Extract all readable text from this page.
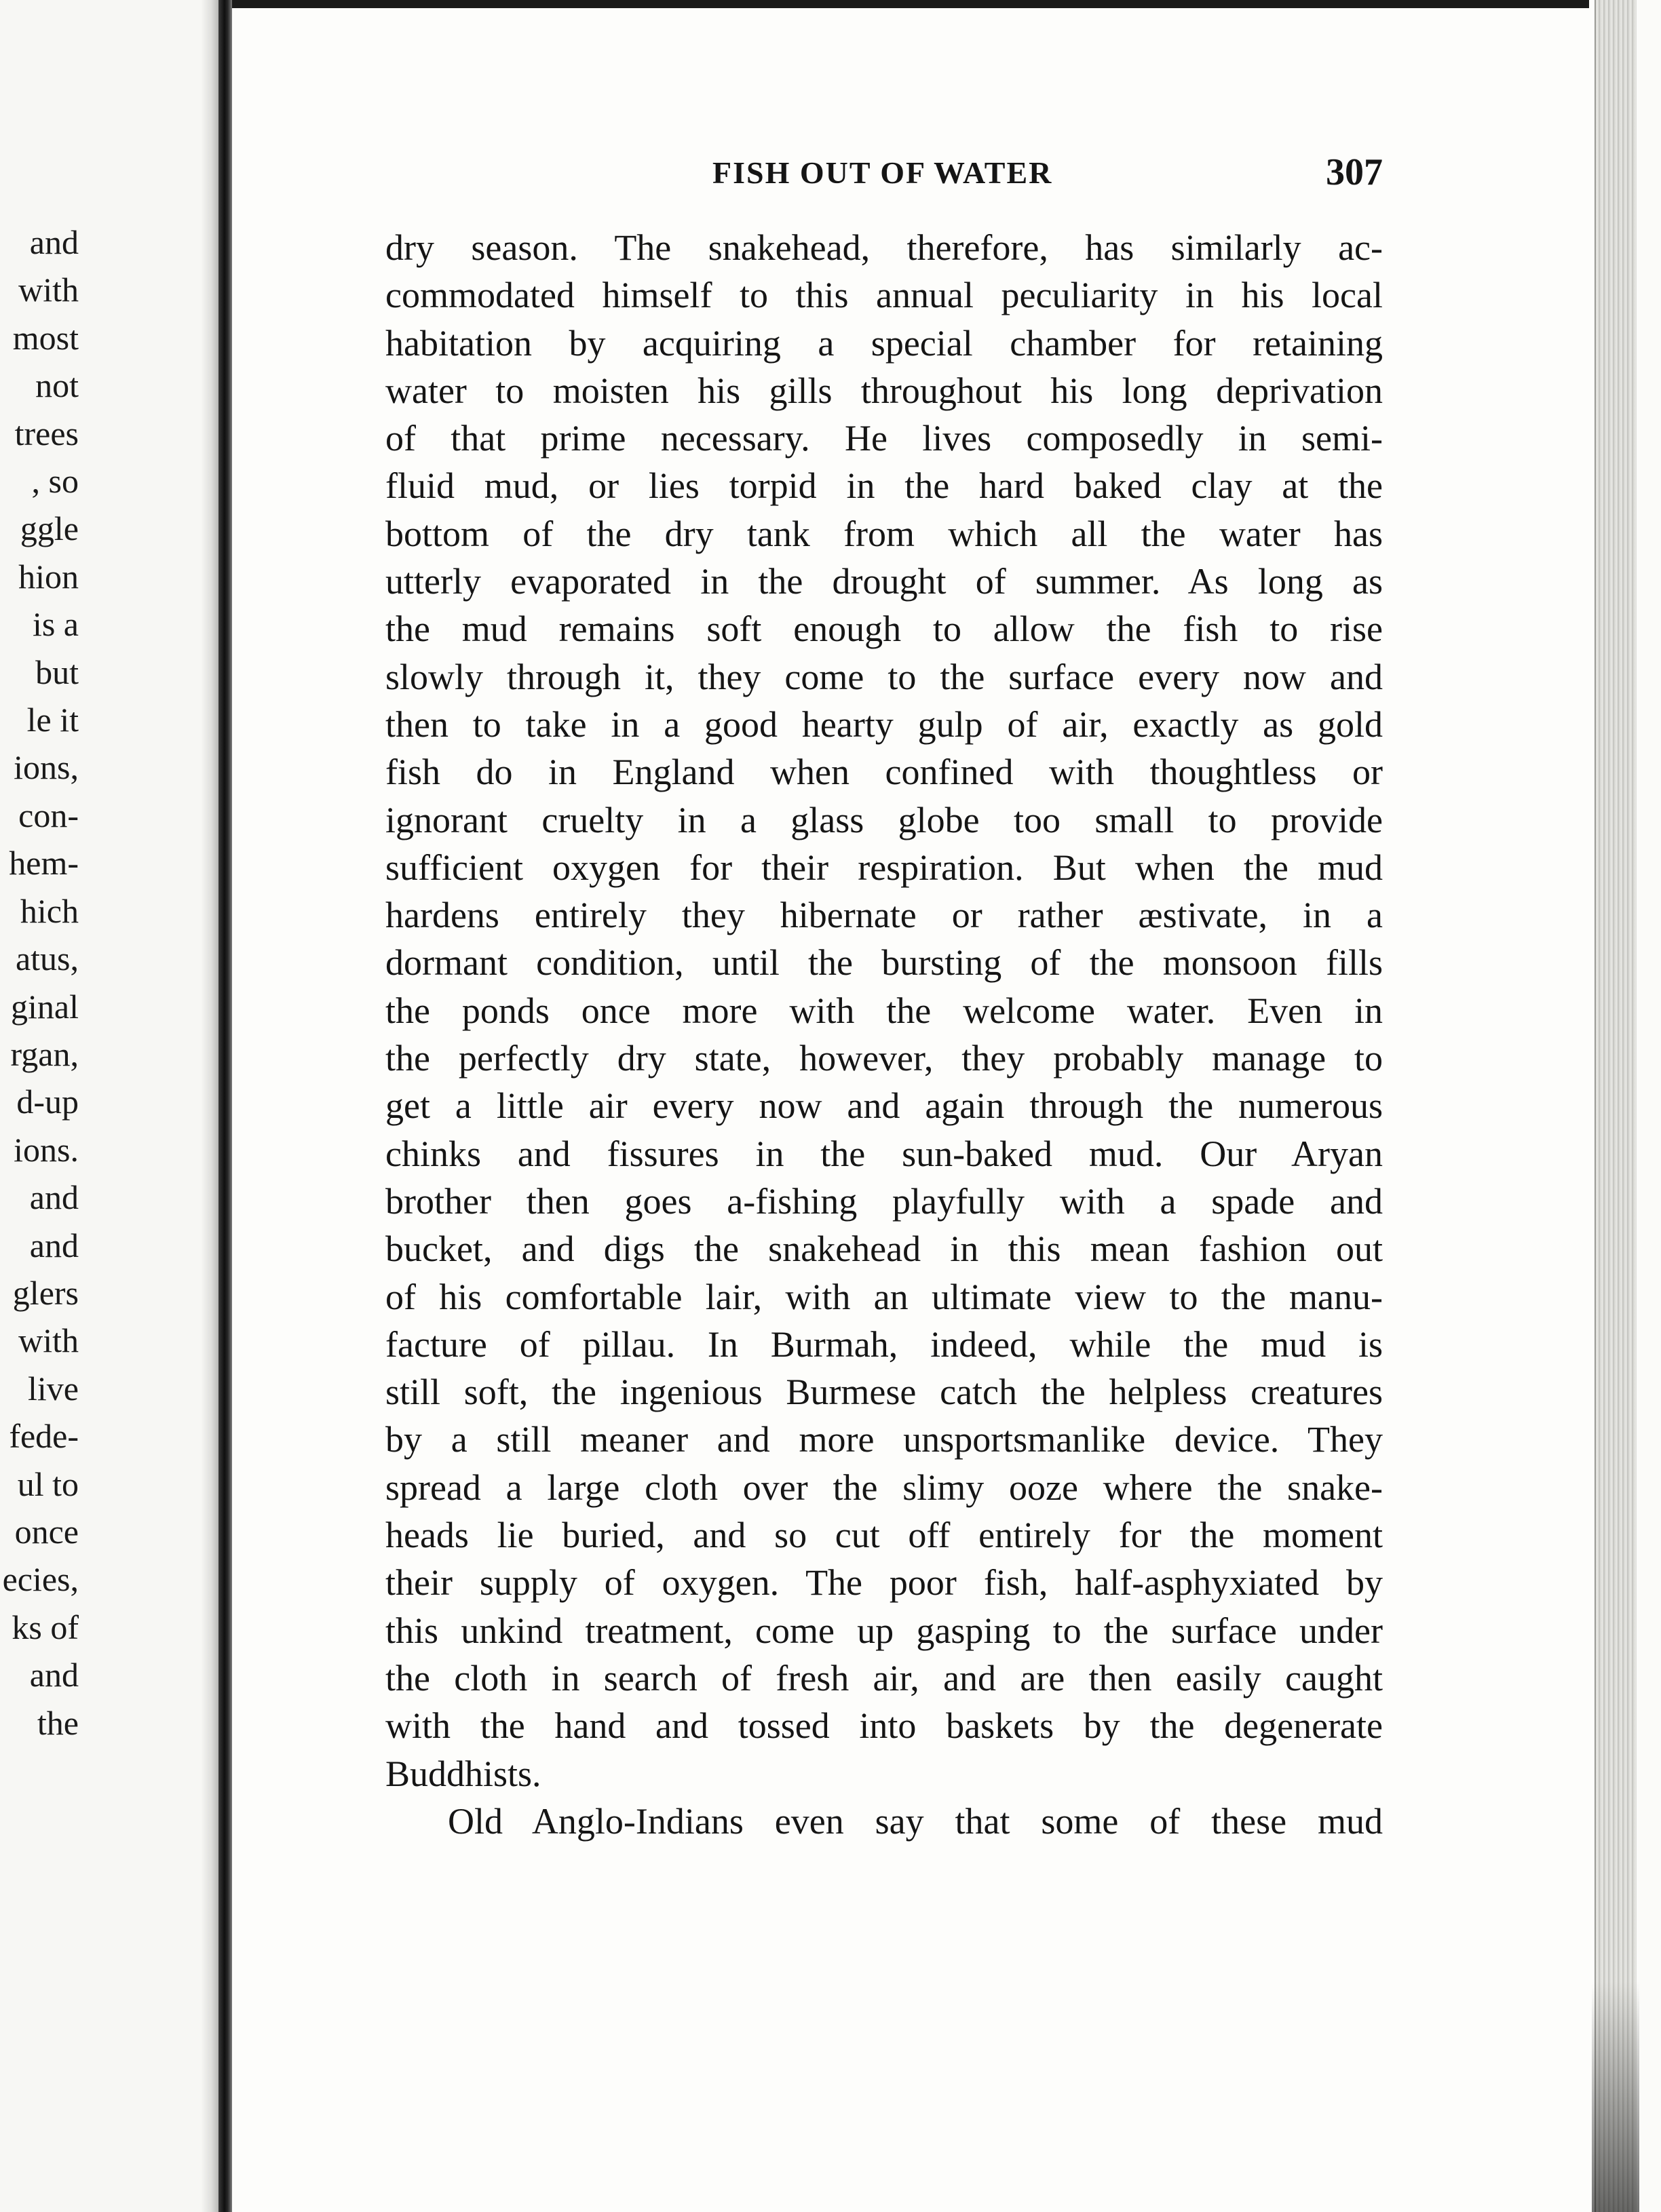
and
with
most
not
trees
, so
ggle
hion
is a
but
le it
ions,
con-
hem-
hich
atus,
ginal
rgan,
d-up
ions.
and
and
glers
with
live
fede-
ul to
once
ecies,
ks of
and
the
FISH OUT OF WATER	307
dry season. The snakehead, therefore, has similarly ac-
commodated himself to this annual peculiarity in his local
habitation by acquiring a special chamber for retaining
water to moisten his gills throughout his long deprivation
of that prime necessary. He lives composedly in semi-
fluid mud, or lies torpid in the hard baked clay at the
bottom of the dry tank from which all the water has
utterly evaporated in the drought of summer. As long as
the mud remains soft enough to allow the fish to rise
slowly through it, they come to the surface every now and
then to take in a good hearty gulp of air, exactly as gold
fish do in England when confined with thoughtless or
ignorant cruelty in a glass globe too small to provide
sufficient oxygen for their respiration. But when the mud
hardens entirely they hibernate or rather æstivate, in a
dormant condition, until the bursting of the monsoon fills
the ponds once more with the welcome water. Even in
the perfectly dry state, however, they probably manage to
get a little air every now and again through the numerous
chinks and fissures in the sun-baked mud. Our Aryan
brother then goes a-fishing playfully with a spade and
bucket, and digs the snakehead in this mean fashion out
of his comfortable lair, with an ultimate view to the manu-
facture of pillau. In Burmah, indeed, while the mud is
still soft, the ingenious Burmese catch the helpless creatures
by a still meaner and more unsportsmanlike device. They
spread a large cloth over the slimy ooze where the snake-
heads lie buried, and so cut off entirely for the moment
their supply of oxygen. The poor fish, half-asphyxiated by
this unkind treatment, come up gasping to the surface under
the cloth in search of fresh air, and are then easily caught
with the hand and tossed into baskets by the degenerate
Buddhists.
Old Anglo-Indians even say that some of these mud
